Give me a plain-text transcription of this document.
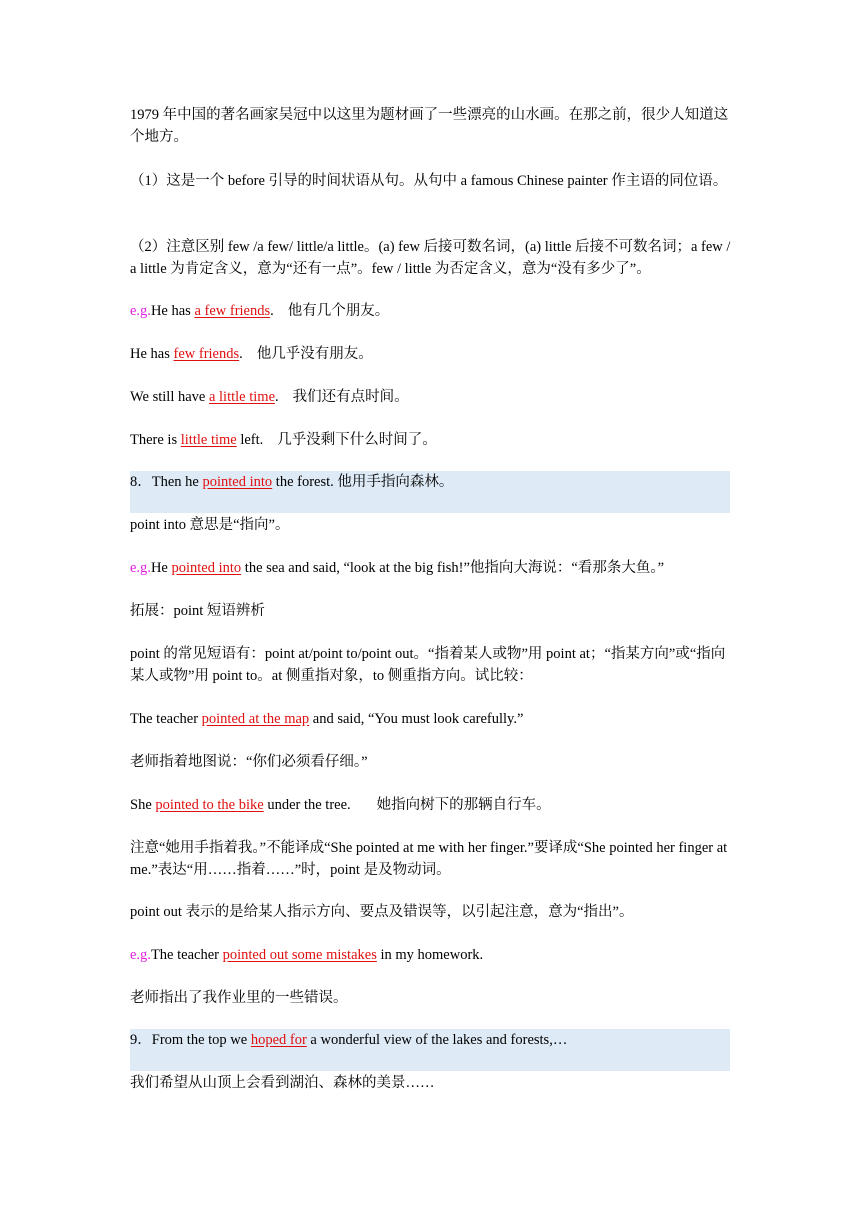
1979 年中国的著名画家吴冠中以这里为题材画了一些漂亮的山水画。在那之前，很少人知道这个地方。

（1）这是一个 before 引导的时间状语从句。从句中 a famous Chinese painter 作主语的同位语。

（2）注意区别 few /a few/ little/a little。(a) few 后接可数名词，(a) little 后接不可数名词；a few / a little 为肯定含义，意为“还有一点”。few / little 为否定含义，意为“没有多少了”。

e.g.He has a few friends. 他有几个朋友。

He has few friends. 他几乎没有朋友。

We still have a little time. 我们还有点时间。

There is little time left. 几乎没剩下什么时间了。

8．Then he pointed into the forest. 他用手指向森林。

point into 意思是“指向”。

e.g.He pointed into the sea and said, “look at the big fish!”他指向大海说：“看那条大鱼。”

拓展：point 短语辨析

point 的常见短语有：point at/point to/point out。“指着某人或物”用 point at；“指某方向”或“指向某人或物”用 point to。at 侧重指对象，to 侧重指方向。试比较：

The teacher pointed at the map and said, “You must look carefully.”

老师指着地图说：“你们必须看仔细。”

She pointed to the bike under the tree. 她指向树下的那辆自行车。

注意“她用手指着我。”不能译成“She pointed at me with her finger.”要译成“She pointed her finger at me.”表达“用……指着……”时，point 是及物动词。

point out 表示的是给某人指示方向、要点及错误等，以引起注意，意为“指出”。

e.g.The teacher pointed out some mistakes in my homework.

老师指出了我作业里的一些错误。

9．From the top we hoped for a wonderful view of the lakes and forests,…

我们希望从山顶上会看到湖泊、森林的美景……
